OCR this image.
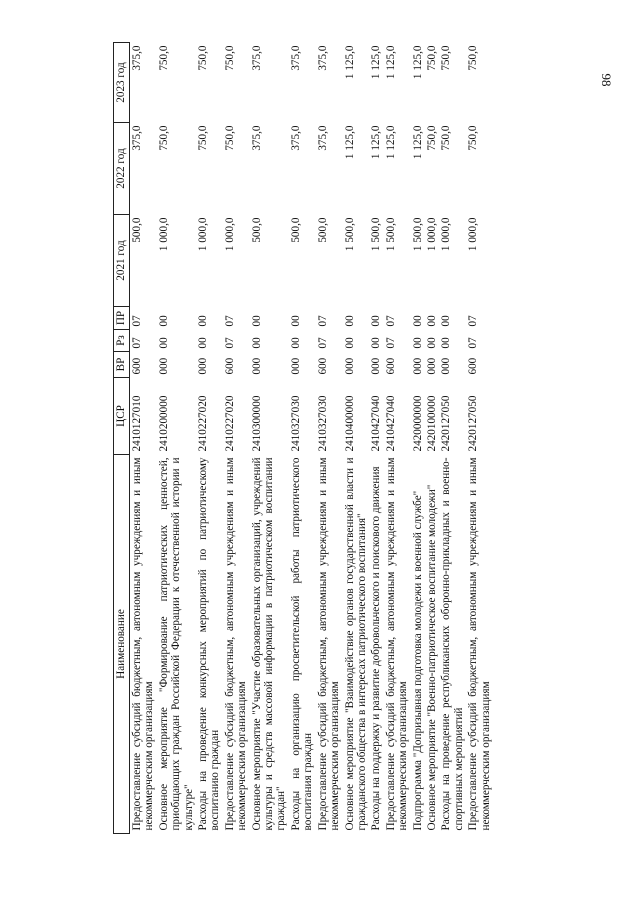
98
Наименование	ЦСР	ВР	Рз	ПР	2021 год	2022 год	2023 год
Предоставление субсидий бюджетным, автономным учреждениям и иным некоммерческим организациям	2410127010	600	07	07	500,0	375,0	375,0
Основное мероприятие "Формирование патриотических ценностей, приобщающих граждан Российской Федерации к отечественной истории и культуре"	2410200000	000	00	00	1 000,0	750,0	750,0
Расходы на проведение конкурсных мероприятий по патриотическому воспитанию граждан	2410227020	000	00	00	1 000,0	750,0	750,0
Предоставление субсидий бюджетным, автономным учреждениям и иным некоммерческим организациям	2410227020	600	07	07	1 000,0	750,0	750,0
Основное мероприятие "Участие образовательных организаций, учреждений культуры и средств массовой информации в патриотическом воспитании граждан"	2410300000	000	00	00	500,0	375,0	375,0
Расходы на организацию просветительской работы патриотического воспитания граждан	2410327030	000	00	00	500,0	375,0	375,0
Предоставление субсидий бюджетным, автономным учреждениям и иным некоммерческим организациям	2410327030	600	07	07	500,0	375,0	375,0
Основное мероприятие "Взаимодействие органов государственной власти и гражданского общества в интересах патриотического воспитания"	2410400000	000	00	00	1 500,0	1 125,0	1 125,0
Расходы на поддержку и развитие добровольческого и поискового движения	2410427040	000	00	00	1 500,0	1 125,0	1 125,0
Предоставление субсидий бюджетным, автономным учреждениям и иным некоммерческим организациям	2410427040	600	07	07	1 500,0	1 125,0	1 125,0
Подпрограмма "Допризывная подготовка молодежи к военной службе"	2420000000	000	00	00	1 500,0	1 125,0	1 125,0
Основное мероприятие "Военно-патриотическое воспитание молодежи"	2420100000	000	00	00	1 000,0	750,0	750,0
Расходы на проведение республиканских оборонно-прикладных и военно-спортивных мероприятий	2420127050	000	00	00	1 000,0	750,0	750,0
Предоставление субсидий бюджетным, автономным учреждениям и иным некоммерческим организациям	2420127050	600	07	07	1 000,0	750,0	750,0
